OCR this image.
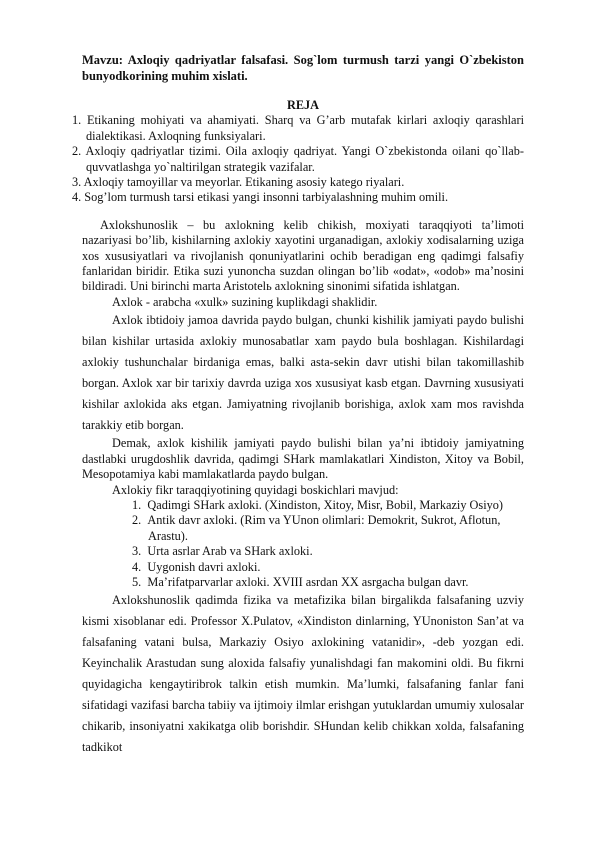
Mavzu: Axloqiy qadriyatlar falsafasi. Sog`lom turmush tarzi yangi O`zbekiston bunyodkorining muhim xislati.

REJA
1. Etikaning mohiyati va ahamiyati. Sharq va G’arb mutafak kirlari axloqiy qarashlari dialektikasi. Axloqning funksiyalari.
2. Axloqiy qadriyatlar tizimi. Oila axloqiy qadriyat. Yangi O`zbekistonda oilani qo`llab-quvvatlashga yo`naltirilgan strategik vazifalar.
3. Axloqiy tamoyillar va meyorlar. Etikaning asosiy katego riyalari.
4. Sog’lom turmush tarsi etikasi yangi insonni tarbiyalashning muhim omili.

Axlokshunoslik – bu axlokning kelib chikish, moxiyati taraqqiyoti ta’limoti nazariyasi bo’lib, kishilarning axlokiy xayotini urganadigan, axlokiy xodisalarning uziga xos xususiyatlari va rivojlanish qonuniyatlarini ochib beradigan eng qadimgi falsafiy fanlaridan biridir. Etika suzi yunoncha suzdan olingan bo’lib «odat», «odob» ma’nosini bildiradi. Uni birinchi marta Aristotelь axlokning sinonimi sifatida ishlatgan.

Axlok - arabcha «xulk» suzining kuplikdagi shaklidir.

Axlok ibtidoiy jamoa davrida paydo bulgan, chunki kishilik jamiyati paydo bulishi bilan kishilar urtasida axlokiy munosabatlar xam paydo bula boshlagan. Kishilardagi axlokiy tushunchalar birdaniga emas, balki asta-sekin davr utishi bilan takomillashib borgan. Axlok xar bir tarixiy davrda uziga xos xususiyat kasb etgan. Davrning xususiyati kishilar axlokida aks etgan. Jamiyatning rivojlanib borishiga, axlok xam mos ravishda tarakkiy etib borgan.

Demak, axlok kishilik jamiyati paydo bulishi bilan ya’ni ibtidoiy jamiyatning dastlabki urugdoshlik davrida, qadimgi SHark mamlakatlari Xindiston, Xitoy va Bobil, Mesopotamiya kabi mamlakatlarda paydo bulgan.

Axlokiy fikr taraqqiyotining quyidagi boskichlari mavjud:

1. Qadimgi SHark axloki. (Xindiston, Xitoy, Misr, Bobil, Markaziy Osiyo)
2. Antik davr axloki. (Rim va YUnon olimlari: Demokrit, Sukrot, Aflotun, Arastu).
3. Urta asrlar Arab va SHark axloki.
4. Uygonish davri axloki.
5. Ma’rifatparvarlar axloki. XVIII asrdan XX asrgacha bulgan davr.

Axlokshunoslik qadimda fizika va metafizika bilan birgalikda falsafaning uzviy kismi xisoblanar edi. Professor X.Pulatov, «Xindiston dinlarning, YUnoniston San’at va falsafaning vatani bulsa, Markaziy Osiyo axlokining vatanidir», -deb yozgan edi. Keyinchalik Arastudan sung aloxida falsafiy yunalishdagi fan makomini oldi. Bu fikrni quyidagicha kengaytiribrok talkin etish mumkin. Ma’lumki, falsafaning fanlar fani sifatidagi vazifasi barcha tabiiy va ijtimoiy ilmlar erishgan yutuklardan umumiy xulosalar chikarib, insoniyatni xakikatga olib borishdir. SHundan kelib chikkan xolda, falsafaning tadkikot
